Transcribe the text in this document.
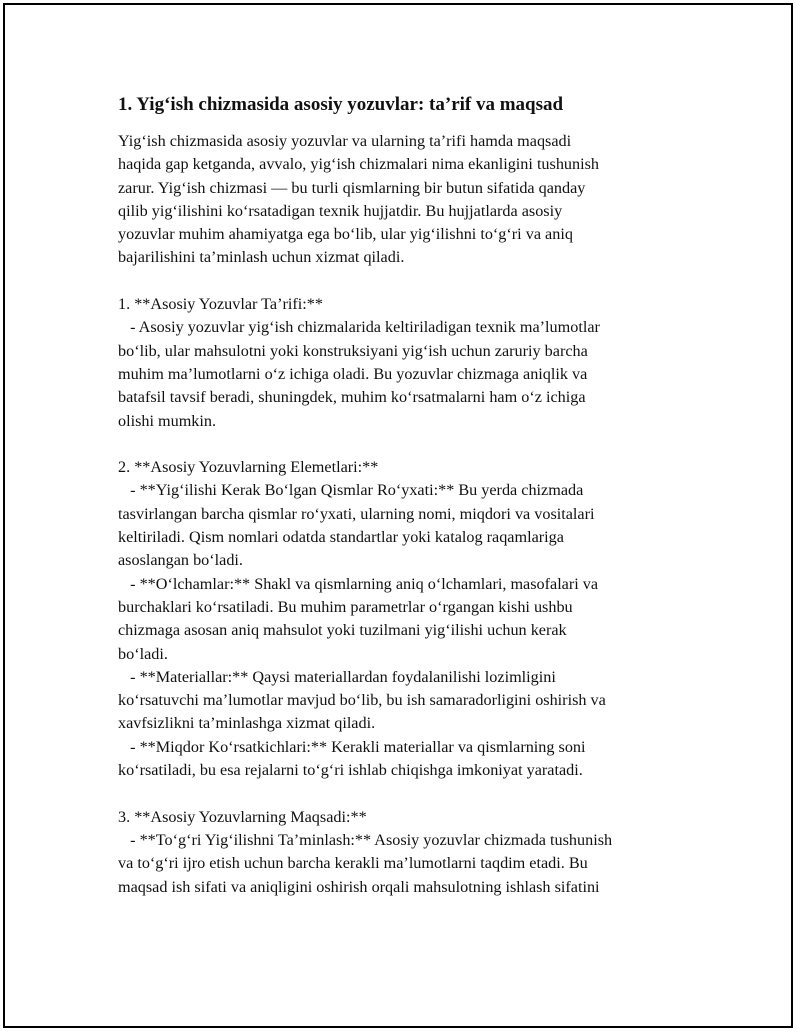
1. Yig‘ish chizmasida asosiy yozuvlar: ta’rif va maqsad

Yig‘ish chizmasida asosiy yozuvlar va ularning ta’rifi hamda maqsadi
haqida gap ketganda, avvalo, yig‘ish chizmalari nima ekanligini tushunish
zarur. Yig‘ish chizmasi — bu turli qismlarning bir butun sifatida qanday
qilib yig‘ilishini ko‘rsatadigan texnik hujjatdir. Bu hujjatlarda asosiy
yozuvlar muhim ahamiyatga ega bo‘lib, ular yig‘ilishni to‘g‘ri va aniq
bajarilishini ta’minlash uchun xizmat qiladi.

1. **Asosiy Yozuvlar Ta’rifi:**
- Asosiy yozuvlar yig‘ish chizmalarida keltiriladigan texnik ma’lumotlar
bo‘lib, ular mahsulotni yoki konstruksiyani yig‘ish uchun zaruriy barcha
muhim ma’lumotlarni o‘z ichiga oladi. Bu yozuvlar chizmaga aniqlik va
batafsil tavsif beradi, shuningdek, muhim ko‘rsatmalarni ham o‘z ichiga
olishi mumkin.

2. **Asosiy Yozuvlarning Elemetlari:**
- **Yig‘ilishi Kerak Bo‘lgan Qismlar Ro‘yxati:** Bu yerda chizmada
tasvirlangan barcha qismlar ro‘yxati, ularning nomi, miqdori va vositalari
keltiriladi. Qism nomlari odatda standartlar yoki katalog raqamlariga
asoslangan bo‘ladi.
- **O‘lchamlar:** Shakl va qismlarning aniq o‘lchamlari, masofalari va
burchaklari ko‘rsatiladi. Bu muhim parametrlar o‘rgangan kishi ushbu
chizmaga asosan aniq mahsulot yoki tuzilmani yig‘ilishi uchun kerak
bo‘ladi.
- **Materiallar:** Qaysi materiallardan foydalanilishi lozimligini
ko‘rsatuvchi ma’lumotlar mavjud bo‘lib, bu ish samaradorligini oshirish va
xavfsizlikni ta’minlashga xizmat qiladi.
- **Miqdor Ko‘rsatkichlari:** Kerakli materiallar va qismlarning soni
ko‘rsatiladi, bu esa rejalarni to‘g‘ri ishlab chiqishga imkoniyat yaratadi.

3. **Asosiy Yozuvlarning Maqsadi:**
- **To‘g‘ri Yig‘ilishni Ta’minlash:** Asosiy yozuvlar chizmada tushunish
va to‘g‘ri ijro etish uchun barcha kerakli ma’lumotlarni taqdim etadi. Bu
maqsad ish sifati va aniqligini oshirish orqali mahsulotning ishlash sifatini
